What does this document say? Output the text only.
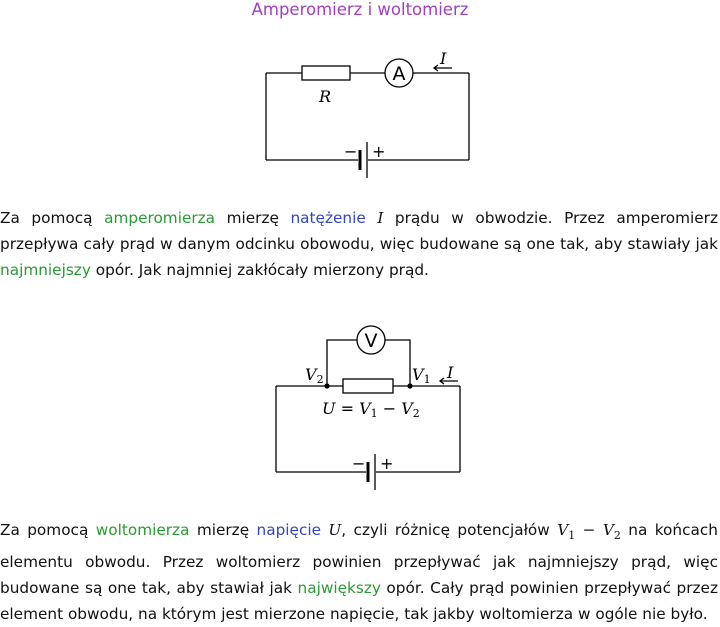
Amperomierz i woltomierz
R
A
I
− +
Za pomocą amperomierza mierzę natężenie I prądu w obwodzie. Przez amperomierz przepływa cały prąd w danym odcinku obowodu, więc budowane są one tak, aby stawiały jak najmniejszy opór. Jak najmniej zakłócały mierzony prąd.
V
V2	V1 I
U = V1 − V2
− +
Za pomocą woltomierza mierzę napięcie U, czyli różnicę potencjałów $V_1 - V_2$ na końcach elementu obwodu. Przez woltomierz powinien przepływać jak najmniejszy prąd, więc budowane są one tak, aby stawiał jak największy opór. Cały prąd powinien przepływać przez element obwodu, na którym jest mierzone napięcie, tak jakby woltomierza w ogóle nie było.
